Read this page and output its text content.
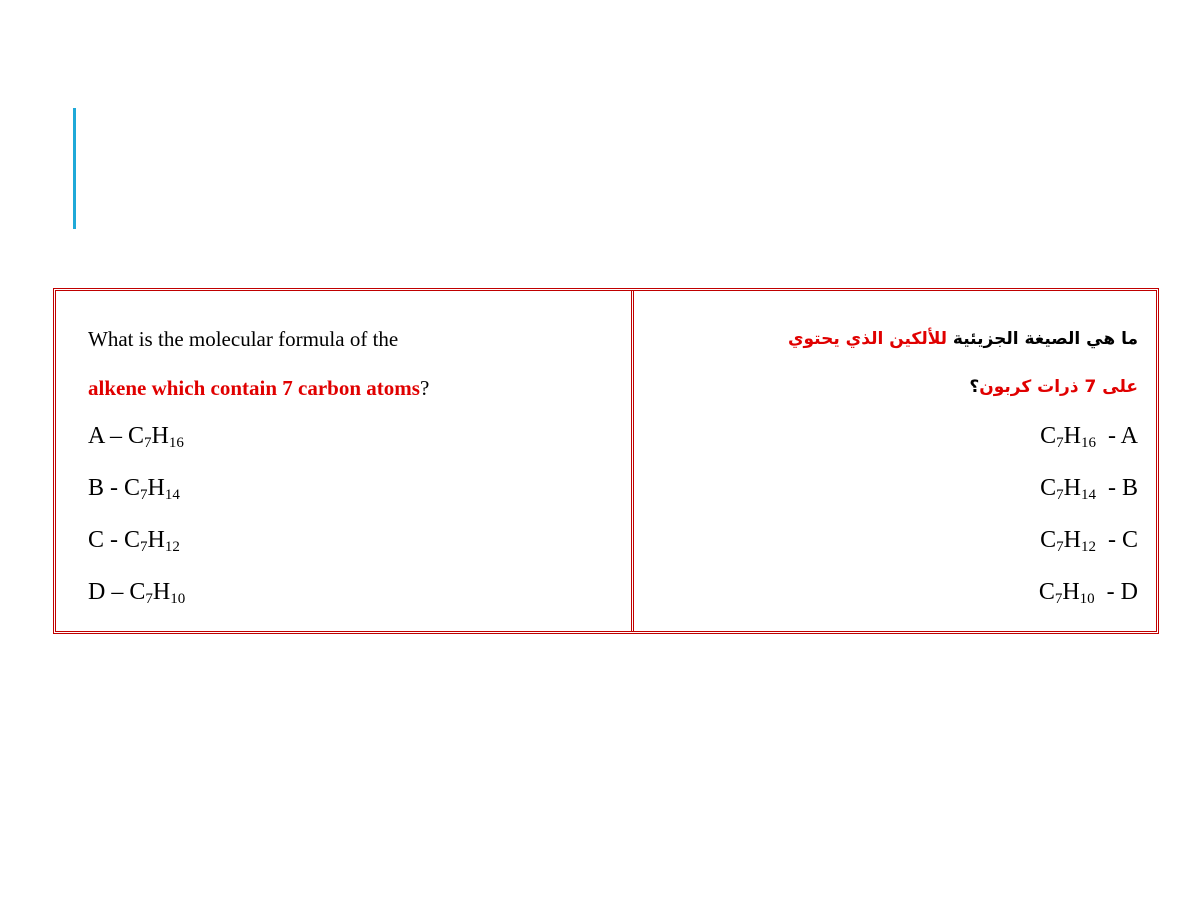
What is the molecular formula of the
alkene which contain 7 carbon atoms?
A – $C_7H_{16}$
B - $C_7H_{14}$
C - $C_7H_{12}$
D – $C_7H_{10}$
ما هي الصيغة الجزيئية للألكين الذي يحتوي
على 7 ذرات كربون؟
$C_7H_{16}$  - A
$C_7H_{14}$  - B
$C_7H_{12}$  - C
$C_7H_{10}$  - D
